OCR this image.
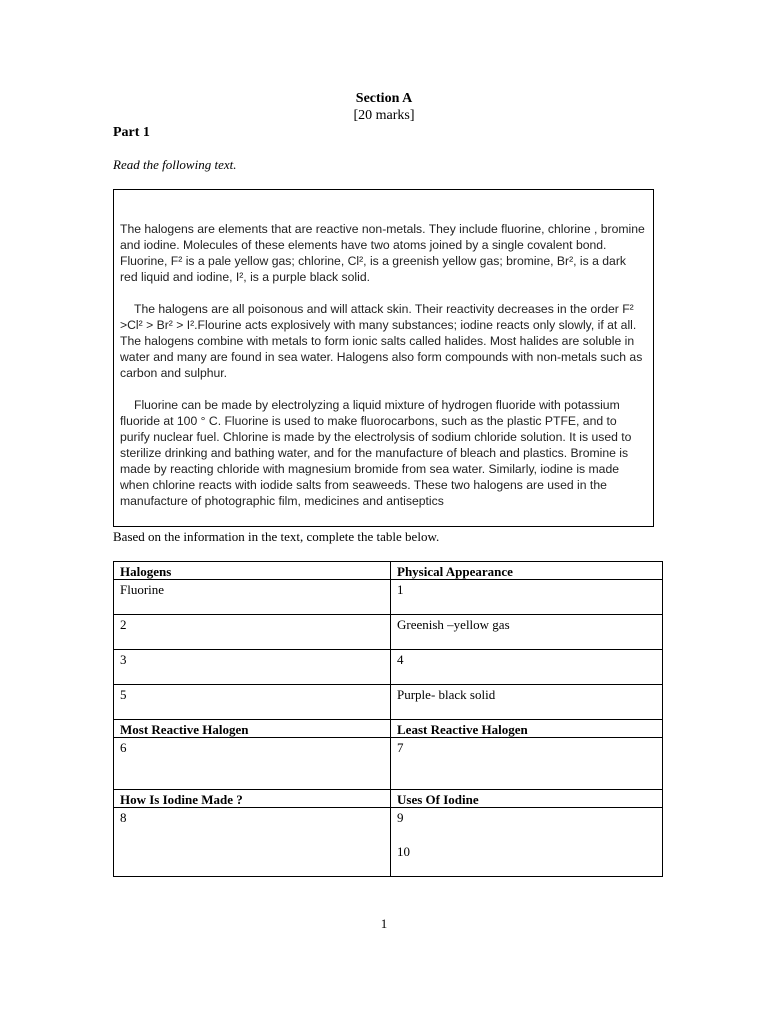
Section A
[20 marks]
Part 1
Read the following text.

The halogens are elements that are reactive non-metals. They include fluorine, chlorine , bromine and iodine. Molecules of these elements have two atoms joined by a single covalent bond. Fluorine, F² is a pale yellow gas; chlorine, Cl², is a greenish yellow gas; bromine, Br², is a dark red liquid and iodine, I², is a purple black solid.

The halogens are all poisonous and will attack skin. Their reactivity decreases in the order F² >Cl² > Br² > I².Flourine acts explosively with many substances; iodine reacts only slowly, if at all. The halogens combine with metals to form ionic salts called halides. Most halides are soluble in water and many are found in sea water. Halogens also form compounds with non-metals such as carbon and sulphur.

Fluorine can be made by electrolyzing a liquid mixture of hydrogen fluoride with potassium fluoride at 100 ° C. Fluorine is used to make fluorocarbons, such as the plastic PTFE, and to purify nuclear fuel. Chlorine is made by the electrolysis of sodium chloride solution. It is used to sterilize drinking and bathing water, and for the manufacture of bleach and plastics. Bromine is made by reacting chloride with magnesium bromide from sea water. Similarly, iodine is made when chlorine reacts with iodide salts from seaweeds. These two halogens are used in the manufacture of photographic film, medicines and antiseptics

Based on the information in the text, complete the table below.
Halogens	Physical Appearance
Fluorine	1
2	Greenish –yellow gas
3	4
5	Purple- black solid
Most Reactive Halogen	Least Reactive Halogen
6	7
How Is Iodine Made ?	Uses Of Iodine
8	9
10
1
